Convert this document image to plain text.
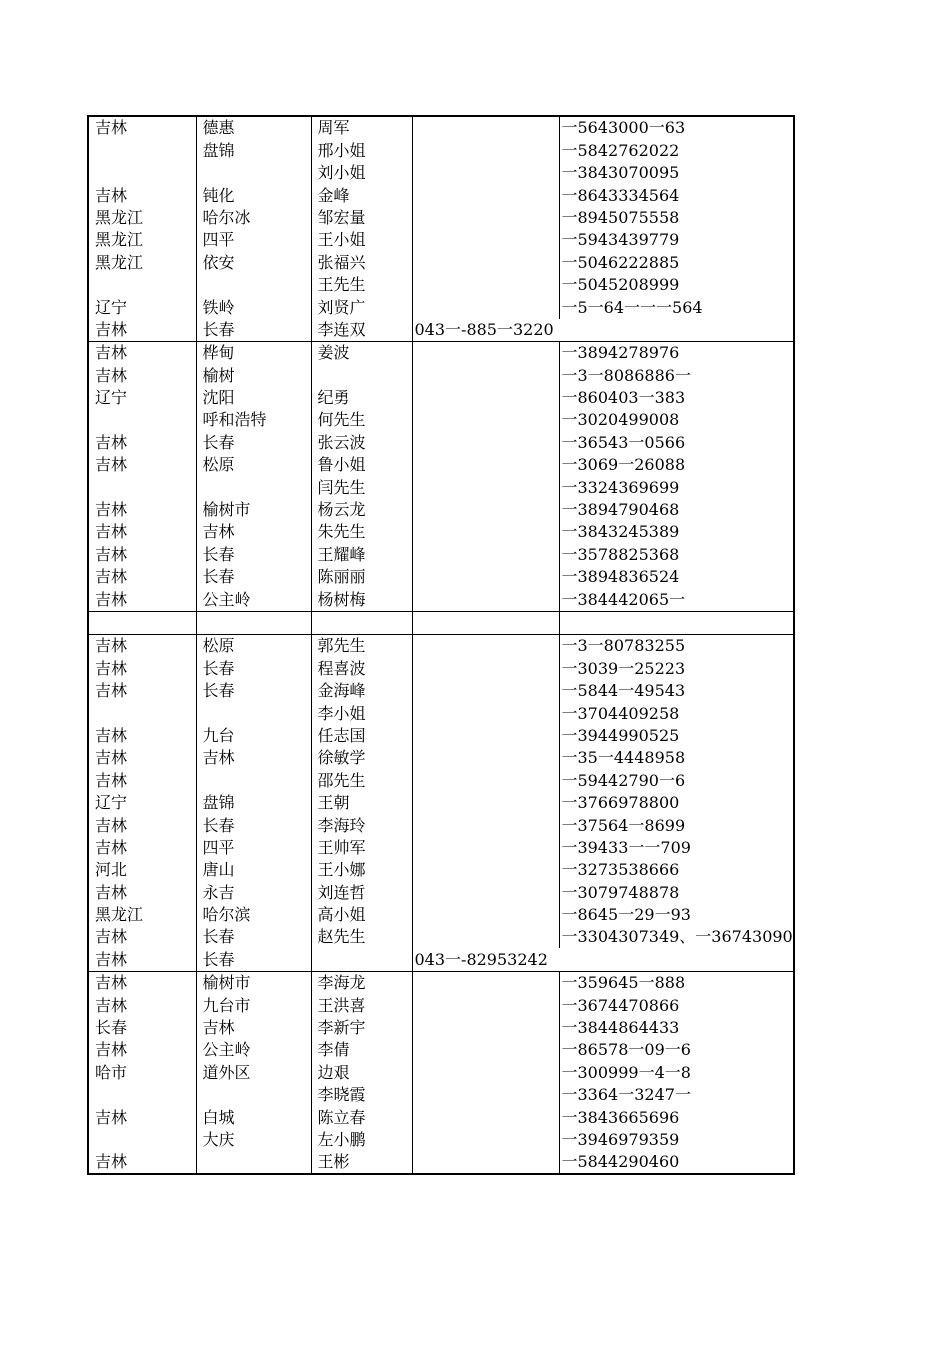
吉林	德惠	周军		一5643000一63
	盘锦	邢小姐		一5842762022
		刘小姐		一3843070095
吉林	钝化	金峰		一8643334564
黑龙江	哈尔冰	邹宏量		一8945075558
黑龙江	四平	王小姐		一5943439779
黑龙江	依安	张福兴		一5046222885
		王先生		一5045208999
辽宁	铁岭	刘贤广		一5一64一一一564
吉林	长春	李连双	043一-885一3220	
吉林	桦甸	姜波		一3894278976
吉林	榆树			一3一8086886一
辽宁	沈阳	纪勇		一860403一383
	呼和浩特	何先生		一3020499008
吉林	长春	张云波		一36543一0566
吉林	松原	鲁小姐		一3069一26088
		闫先生		一3324369699
吉林	榆树市	杨云龙		一3894790468
吉林	吉林	朱先生		一3843245389
吉林	长春	王耀峰		一3578825368
吉林	长春	陈丽丽		一3894836524
吉林	公主岭	杨树梅		一384442065一

吉林	松原	郭先生		一3一80783255
吉林	长春	程喜波		一3039一25223
吉林	长春	金海峰		一5844一49543
		李小姐		一3704409258
吉林	九台	任志国		一3944990525
吉林	吉林	徐敏学		一35一4448958
吉林		邵先生		一59442790一6
辽宁	盘锦	王朝		一3766978800
吉林	长春	李海玲		一37564一8699
吉林	四平	王帅军		一39433一一709
河北	唐山	王小娜		一3273538666
吉林	永吉	刘连哲		一3079748878
黑龙江	哈尔滨	高小姐		一8645一29一93
吉林	长春	赵先生		一3304307349、一36743090
吉林	长春		043一-82953242	
吉林	榆树市	李海龙		一359645一888
吉林	九台市	王洪喜		一3674470866
长春	吉林	李新宇		一3844864433
吉林	公主岭	李倩		一86578一09一6
哈市	道外区	边艰		一300999一4一8
		李晓霞		一3364一3247一
吉林	白城	陈立春		一3843665696
	大庆	左小鹏		一3946979359
吉林		王彬		一5844290460
